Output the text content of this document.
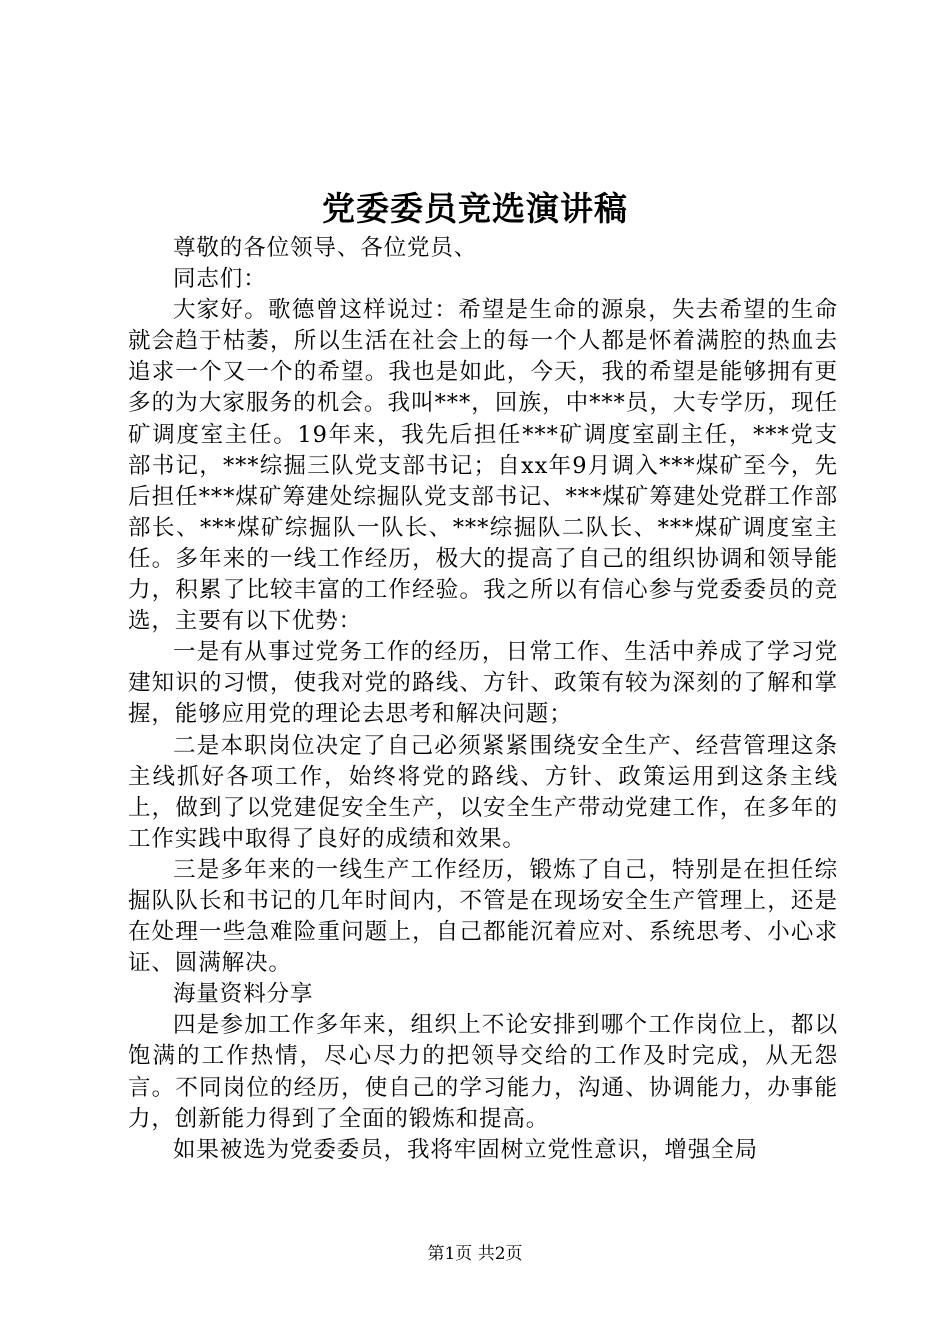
党委委员竞选演讲稿

尊敬的各位领导、各位党员、

同志们：

大家好。歌德曾这样说过：希望是生命的源泉，失去希望的生命就会趋于枯萎，所以生活在社会上的每一个人都是怀着满腔的热血去追求一个又一个的希望。我也是如此，今天，我的希望是能够拥有更多的为大家服务的机会。我叫***，回族，中***员，大专学历，现任矿调度室主任。19年来，我先后担任***矿调度室副主任，***党支部书记，***综掘三队党支部书记；自xx年9月调入***煤矿至今，先后担任***煤矿筹建处综掘队党支部书记、***煤矿筹建处党群工作部部长、***煤矿综掘队一队长、***综掘队二队长、***煤矿调度室主任。多年来的一线工作经历，极大的提高了自己的组织协调和领导能力，积累了比较丰富的工作经验。我之所以有信心参与党委委员的竞选，主要有以下优势：

一是有从事过党务工作的经历，日常工作、生活中养成了学习党建知识的习惯，使我对党的路线、方针、政策有较为深刻的了解和掌握，能够应用党的理论去思考和解决问题；

二是本职岗位决定了自己必须紧紧围绕安全生产、经营管理这条主线抓好各项工作，始终将党的路线、方针、政策运用到这条主线上，做到了以党建促安全生产，以安全生产带动党建工作，在多年的工作实践中取得了良好的成绩和效果。

三是多年来的一线生产工作经历，锻炼了自己，特别是在担任综掘队队长和书记的几年时间内，不管是在现场安全生产管理上，还是在处理一些急难险重问题上，自己都能沉着应对、系统思考、小心求证、圆满解决。

海量资料分享

四是参加工作多年来，组织上不论安排到哪个工作岗位上，都以饱满的工作热情，尽心尽力的把领导交给的工作及时完成，从无怨言。不同岗位的经历，使自己的学习能力，沟通、协调能力，办事能力，创新能力得到了全面的锻炼和提高。

如果被选为党委委员，我将牢固树立党性意识，增强全局

第1页 共2页
